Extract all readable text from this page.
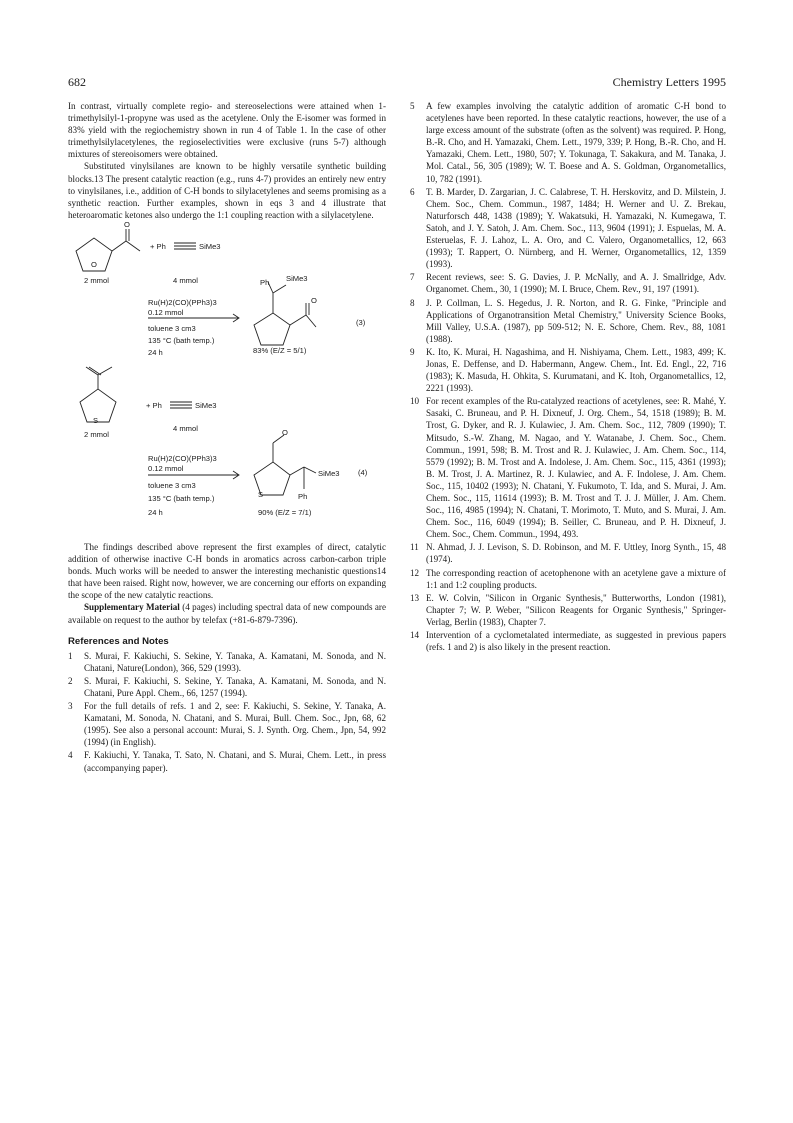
682	Chemistry Letters 1995

In contrast, virtually complete regio- and stereoselections were attained when 1-trimethylsilyl-1-propyne was used as the acetylene. Only the E-isomer was formed in 83% yield with the regiochemistry shown in run 4 of Table 1. In the case of other trimethylsilylacetylenes, the regioselectivities were exclusive (runs 5-7) although mixtures of stereoisomers were obtained.

Substituted vinylsilanes are known to be highly versatile synthetic building blocks.13 The present catalytic reaction (e.g., runs 4-7) provides an entirely new entry to vinylsilanes, i.e., addition of C-H bonds to silylacetylenes and seems promising as a synthetic reaction. Further examples, shown in eqs 3 and 4 illustrate that heteroaromatic ketones also undergo the 1:1 coupling reaction with a silylacetylene.

O
O
+ Ph	SiMe3
2 mmol	4 mmol
Ru(H)2(CO)(PPh3)3
0.12 mmol
toluene 3 cm3
135 °C (bath temp.)
24 h
Ph SiMe3
O
83% (E/Z = 5/1)
(3)
S
+ Ph	SiMe3
2 mmol
4 mmol
Ru(H)2(CO)(PPh3)3
0.12 mmol
toluene 3 cm3
135 °C (bath temp.)
24 h
O
S
SiMe3
Ph
90% (E/Z = 7/1)
(4)

The findings described above represent the first examples of direct, catalytic addition of otherwise inactive C-H bonds in aromatics across carbon-carbon triple bonds. Much works will be needed to answer the interesting mechanistic questions14 that have been raised. Right now, however, we are concerning our efforts on expanding the scope of the new catalytic reactions.

Supplementary Material (4 pages) including spectral data of new compounds are available on request to the author by telefax (+81-6-879-7396).

References and Notes
1 S. Murai, F. Kakiuchi, S. Sekine, Y. Tanaka, A. Kamatani, M. Sonoda, and N. Chatani, Nature(London), 366, 529 (1993).
2 S. Murai, F. Kakiuchi, S. Sekine, Y. Tanaka, A. Kamatani, M. Sonoda, and N. Chatani, Pure Appl. Chem., 66, 1257 (1994).
3 For the full details of refs. 1 and 2, see: F. Kakiuchi, S. Sekine, Y. Tanaka, A. Kamatani, M. Sonoda, N. Chatani, and S. Murai, Bull. Chem. Soc., Jpn, 68, 62 (1995). See also a personal account: Murai, S. J. Synth. Org. Chem., Jpn, 54, 992 (1994) (in English).
4 F. Kakiuchi, Y. Tanaka, T. Sato, N. Chatani, and S. Murai, Chem. Lett., in press (accompanying paper).
5 A few examples involving the catalytic addition of aromatic C-H bond to acetylenes have been reported. In these catalytic reactions, however, the use of a large excess amount of the substrate (often as the solvent) was required. P. Hong, B.-R. Cho, and H. Yamazaki, Chem. Lett., 1979, 339; P. Hong, B.-R. Cho, and H. Yamazaki, Chem. Lett., 1980, 507; Y. Tokunaga, T. Sakakura, and M. Tanaka, J. Mol. Catal., 56, 305 (1989); W. T. Boese and A. S. Goldman, Organometallics, 10, 782 (1991).
6 T. B. Marder, D. Zargarian, J. C. Calabrese, T. H. Herskovitz, and D. Milstein, J. Chem. Soc., Chem. Commun., 1987, 1484; H. Werner and U. Z. Brekau, Naturforsch 448, 1438 (1989); Y. Wakatsuki, H. Yamazaki, N. Kumegawa, T. Satoh, and J. Y. Satoh, J. Am. Chem. Soc., 113, 9604 (1991); J. Espuelas, M. A. Esteruelas, F. J. Lahoz, L. A. Oro, and C. Valero, Organometallics, 12, 663 (1993); T. Rappert, O. Nürnberg, and H. Werner, Organometallics, 12, 1359 (1993).
7 Recent reviews, see: S. G. Davies, J. P. McNally, and A. J. Smallridge, Adv. Organomet. Chem., 30, 1 (1990); M. I. Bruce, Chem. Rev., 91, 197 (1991).
8 J. P. Collman, L. S. Hegedus, J. R. Norton, and R. G. Finke, "Principle and Applications of Organotransition Metal Chemistry," University Science Books, Mill Valley, U.S.A. (1987), pp 509-512; N. E. Schore, Chem. Rev., 88, 1081 (1988).
9 K. Ito, K. Murai, H. Nagashima, and H. Nishiyama, Chem. Lett., 1983, 499; K. Jonas, E. Deffense, and D. Habermann, Angew. Chem., Int. Ed. Engl., 22, 716 (1983); K. Masuda, H. Ohkita, S. Kurumatani, and K. Itoh, Organometallics, 12, 2221 (1993).
10 For recent examples of the Ru-catalyzed reactions of acetylenes, see: R. Mahé, Y. Sasaki, C. Bruneau, and P. H. Dixneuf, J. Org. Chem., 54, 1518 (1989); B. M. Trost, G. Dyker, and R. J. Kulawiec, J. Am. Chem. Soc., 112, 7809 (1990); T. Mitsudo, S.-W. Zhang, M. Nagao, and Y. Watanabe, J. Chem. Soc., Chem. Commun., 1991, 598; B. M. Trost and R. J. Kulawiec, J. Am. Chem. Soc., 114, 5579 (1992); B. M. Trost and A. Indolese, J. Am. Chem. Soc., 115, 4361 (1993); B. M. Trost, J. A. Martinez, R. J. Kulawiec, and A. F. Indolese, J. Am. Chem. Soc., 115, 10402 (1993); N. Chatani, Y. Fukumoto, T. Ida, and S. Murai, J. Am. Chem. Soc., 115, 11614 (1993); B. M. Trost and T. J. J. Müller, J. Am. Chem. Soc., 116, 4985 (1994); N. Chatani, T. Morimoto, T. Muto, and S. Murai, J. Am. Chem. Soc., 116, 6049 (1994); B. Seiller, C. Bruneau, and P. H. Dixneuf, J. Chem. Soc., Chem. Commun., 1994, 493.
11 N. Ahmad, J. J. Levison, S. D. Robinson, and M. F. Uttley, Inorg Synth., 15, 48 (1974).
12 The corresponding reaction of acetophenone with an acetylene gave a mixture of 1:1 and 1:2 coupling products.
13 E. W. Colvin, "Silicon in Organic Synthesis," Butterworths, London (1981), Chapter 7; W. P. Weber, "Silicon Reagents for Organic Synthesis," Springer-Verlag, Berlin (1983), Chapter 7.
14 Intervention of a cyclometalated intermediate, as suggested in previous papers (refs. 1 and 2) is also likely in the present reaction.
